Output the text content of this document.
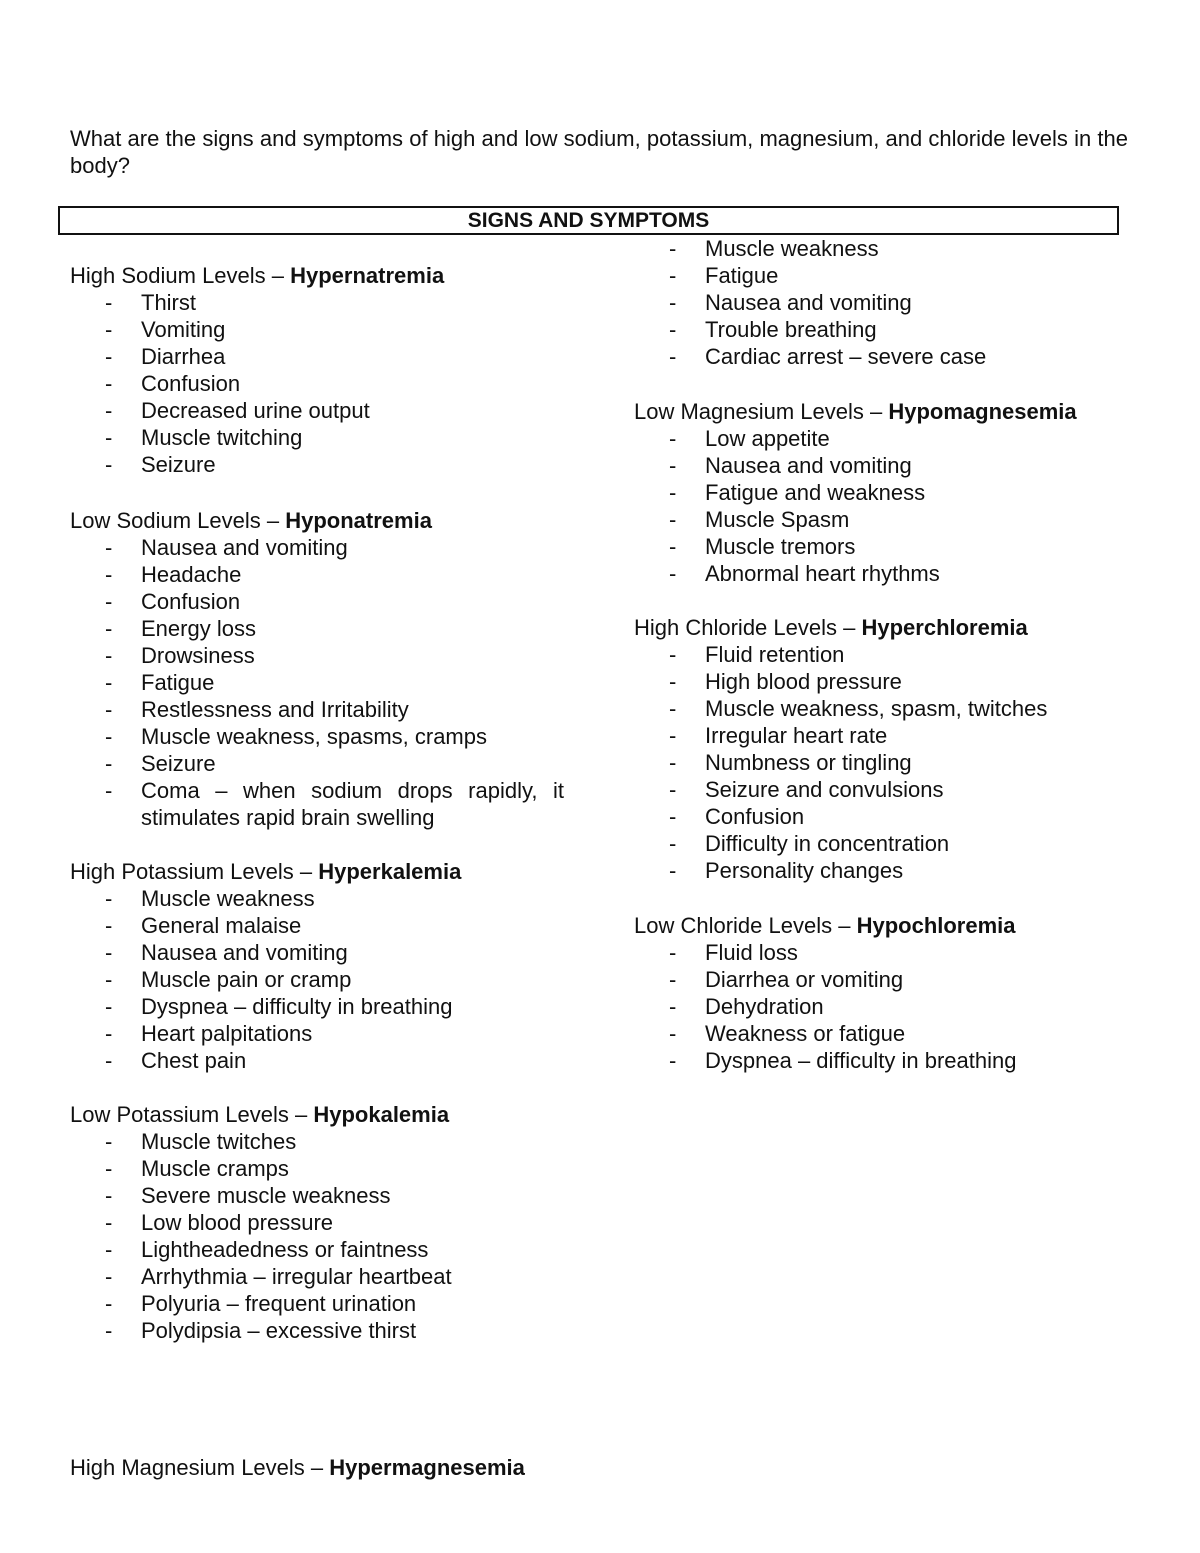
What are the signs and symptoms of high and low sodium, potassium, magnesium, and chloride levels in the body?

SIGNS AND SYMPTOMS

High Sodium Levels – Hypernatremia

- Thirst
- Vomiting
- Diarrhea
- Confusion
- Decreased urine output
- Muscle twitching
- Seizure

Low Sodium Levels – Hyponatremia

- Nausea and vomiting
- Headache
- Confusion
- Energy loss
- Drowsiness
- Fatigue
- Restlessness and Irritability
- Muscle weakness, spasms, cramps
- Seizure
- Coma – when sodium drops rapidly, it stimulates rapid brain swelling

High Potassium Levels – Hyperkalemia

- Muscle weakness
- General malaise
- Nausea and vomiting
- Muscle pain or cramp
- Dyspnea – difficulty in breathing
- Heart palpitations
- Chest pain

Low Potassium Levels – Hypokalemia

- Muscle twitches
- Muscle cramps
- Severe muscle weakness
- Low blood pressure
- Lightheadedness or faintness
- Arrhythmia – irregular heartbeat
- Polyuria – frequent urination
- Polydipsia – excessive thirst

High Magnesium Levels – Hypermagnesemia

- Muscle weakness
- Fatigue
- Nausea and vomiting
- Trouble breathing
- Cardiac arrest – severe case

Low Magnesium Levels – Hypomagnesemia

- Low appetite
- Nausea and vomiting
- Fatigue and weakness
- Muscle Spasm
- Muscle tremors
- Abnormal heart rhythms

High Chloride Levels – Hyperchloremia

- Fluid retention
- High blood pressure
- Muscle weakness, spasm, twitches
- Irregular heart rate
- Numbness or tingling
- Seizure and convulsions
- Confusion
- Difficulty in concentration
- Personality changes

Low Chloride Levels – Hypochloremia

- Fluid loss
- Diarrhea or vomiting
- Dehydration
- Weakness or fatigue
- Dyspnea – difficulty in breathing
